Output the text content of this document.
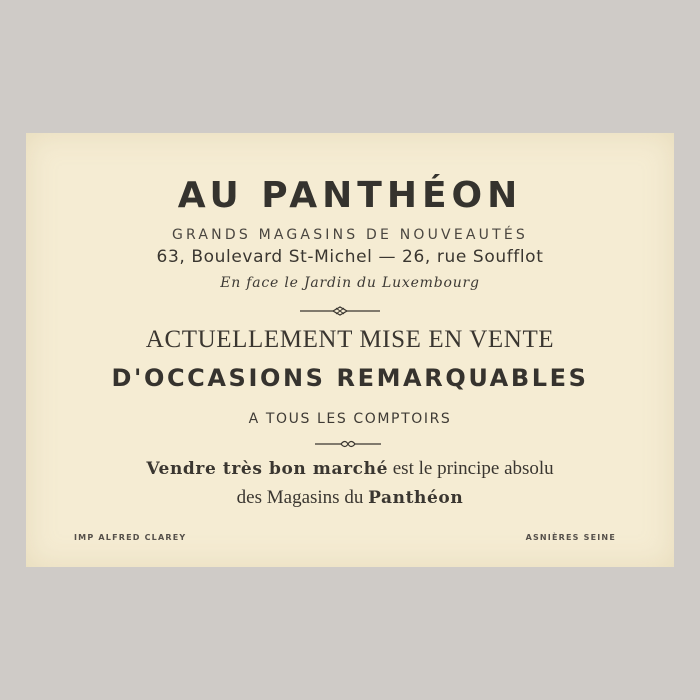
AU PANTHÉON
GRANDS MAGASINS DE NOUVEAUTÉS
63, Boulevard St-Michel — 26, rue Soufflot
En face le Jardin du Luxembourg
ACTUELLEMENT MISE EN VENTE
D'OCCASIONS REMARQUABLES
A TOUS LES COMPTOIRS
Vendre très bon marché est le principe absolu
des Magasins du Panthéon
IMP ALFRED CLAREY	ASNIÈRES SEINE
